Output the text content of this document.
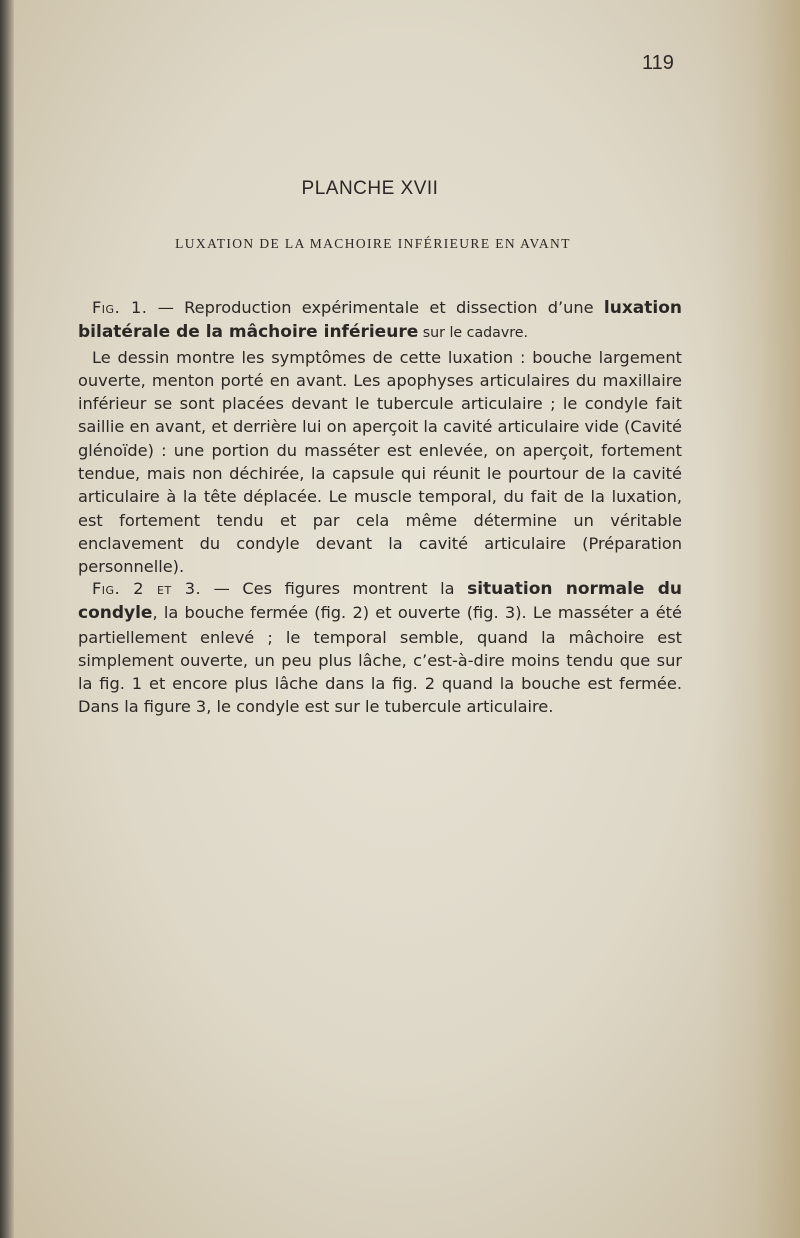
119
PLANCHE XVII
LUXATION DE LA MACHOIRE INFÉRIEURE EN AVANT
Fig. 1. — Reproduction expérimentale et dissection d’une luxation bilatérale de la mâchoire inférieure sur le cadavre.
Le dessin montre les symptômes de cette luxation : bouche largement ouverte, menton porté en avant. Les apophyses articulaires du maxillaire inférieur se sont placées devant le tubercule articulaire ; le condyle fait saillie en avant, et derrière lui on aperçoit la cavité articulaire vide (Cavité glénoïde) : une portion du masséter est enlevée, on aperçoit, fortement tendue, mais non déchirée, la capsule qui réunit le pourtour de la cavité articulaire à la tête déplacée. Le muscle temporal, du fait de la luxation, est fortement tendu et par cela même détermine un véritable enclavement du condyle devant la cavité articulaire (Préparation personnelle).
Fig. 2 et 3. — Ces figures montrent la situation normale du condyle, la bouche fermée (fig. 2) et ouverte (fig. 3). Le masséter a été partiellement enlevé ; le temporal semble, quand la mâchoire est simplement ouverte, un peu plus lâche, c’est-à-dire moins tendu que sur la fig. 1 et encore plus lâche dans la fig. 2 quand la bouche est fermée. Dans la figure 3, le condyle est sur le tubercule articulaire.
